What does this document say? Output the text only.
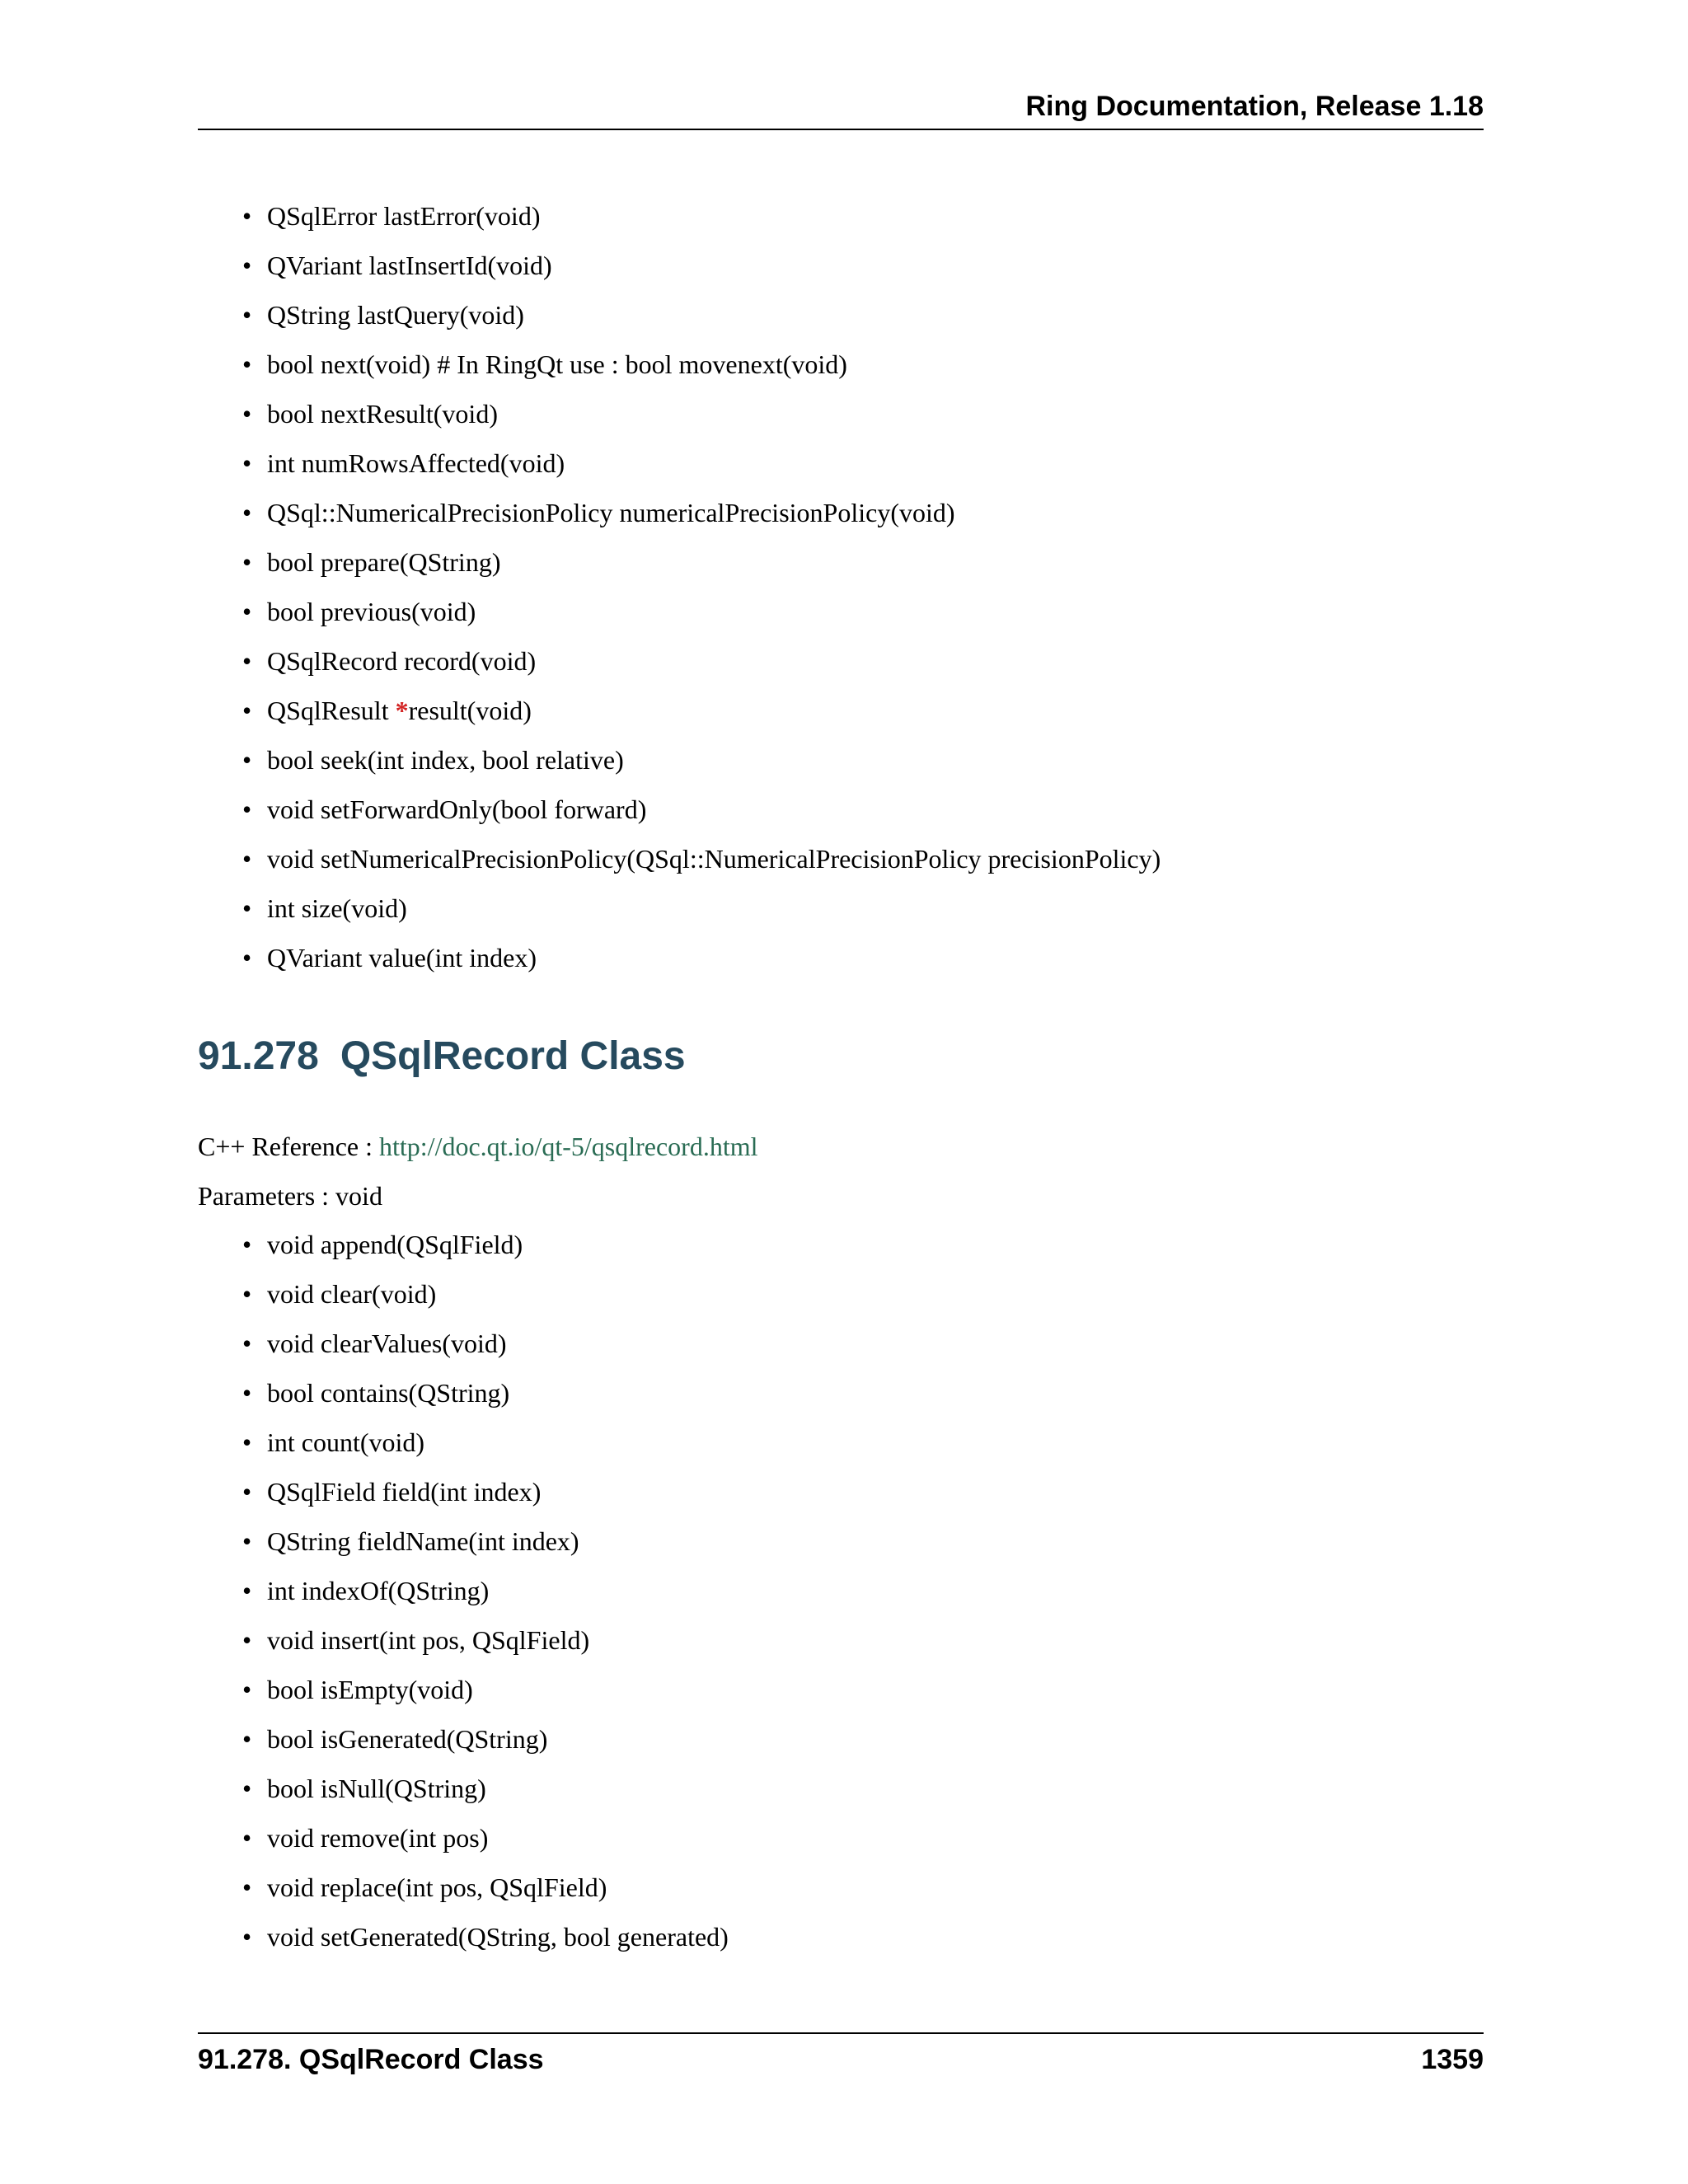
Ring Documentation, Release 1.18
• QSqlError lastError(void)
• QVariant lastInsertId(void)
• QString lastQuery(void)
• bool next(void) # In RingQt use : bool movenext(void)
• bool nextResult(void)
• int numRowsAffected(void)
• QSql::NumericalPrecisionPolicy numericalPrecisionPolicy(void)
• bool prepare(QString)
• bool previous(void)
• QSqlRecord record(void)
• QSqlResult *result(void)
• bool seek(int index, bool relative)
• void setForwardOnly(bool forward)
• void setNumericalPrecisionPolicy(QSql::NumericalPrecisionPolicy precisionPolicy)
• int size(void)
• QVariant value(int index)
91.278 QSqlRecord Class
C++ Reference : http://doc.qt.io/qt-5/qsqlrecord.html
Parameters : void
• void append(QSqlField)
• void clear(void)
• void clearValues(void)
• bool contains(QString)
• int count(void)
• QSqlField field(int index)
• QString fieldName(int index)
• int indexOf(QString)
• void insert(int pos, QSqlField)
• bool isEmpty(void)
• bool isGenerated(QString)
• bool isNull(QString)
• void remove(int pos)
• void replace(int pos, QSqlField)
• void setGenerated(QString, bool generated)
91.278. QSqlRecord Class	1359
